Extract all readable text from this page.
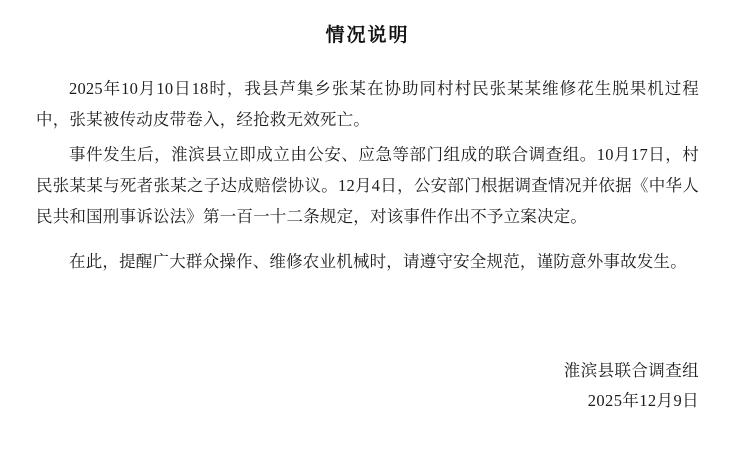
情况说明

2025年10月10日18时，我县芦集乡张某在协助同村村民张某某维修花生脱果机过程中，张某被传动皮带卷入，经抢救无效死亡。

事件发生后，淮滨县立即成立由公安、应急等部门组成的联合调查组。10月17日，村民张某某与死者张某之子达成赔偿协议。12月4日，公安部门根据调查情况并依据《中华人民共和国刑事诉讼法》第一百一十二条规定，对该事件作出不予立案决定。

在此，提醒广大群众操作、维修农业机械时，请遵守安全规范，谨防意外事故发生。

淮滨县联合调查组
2025年12月9日
